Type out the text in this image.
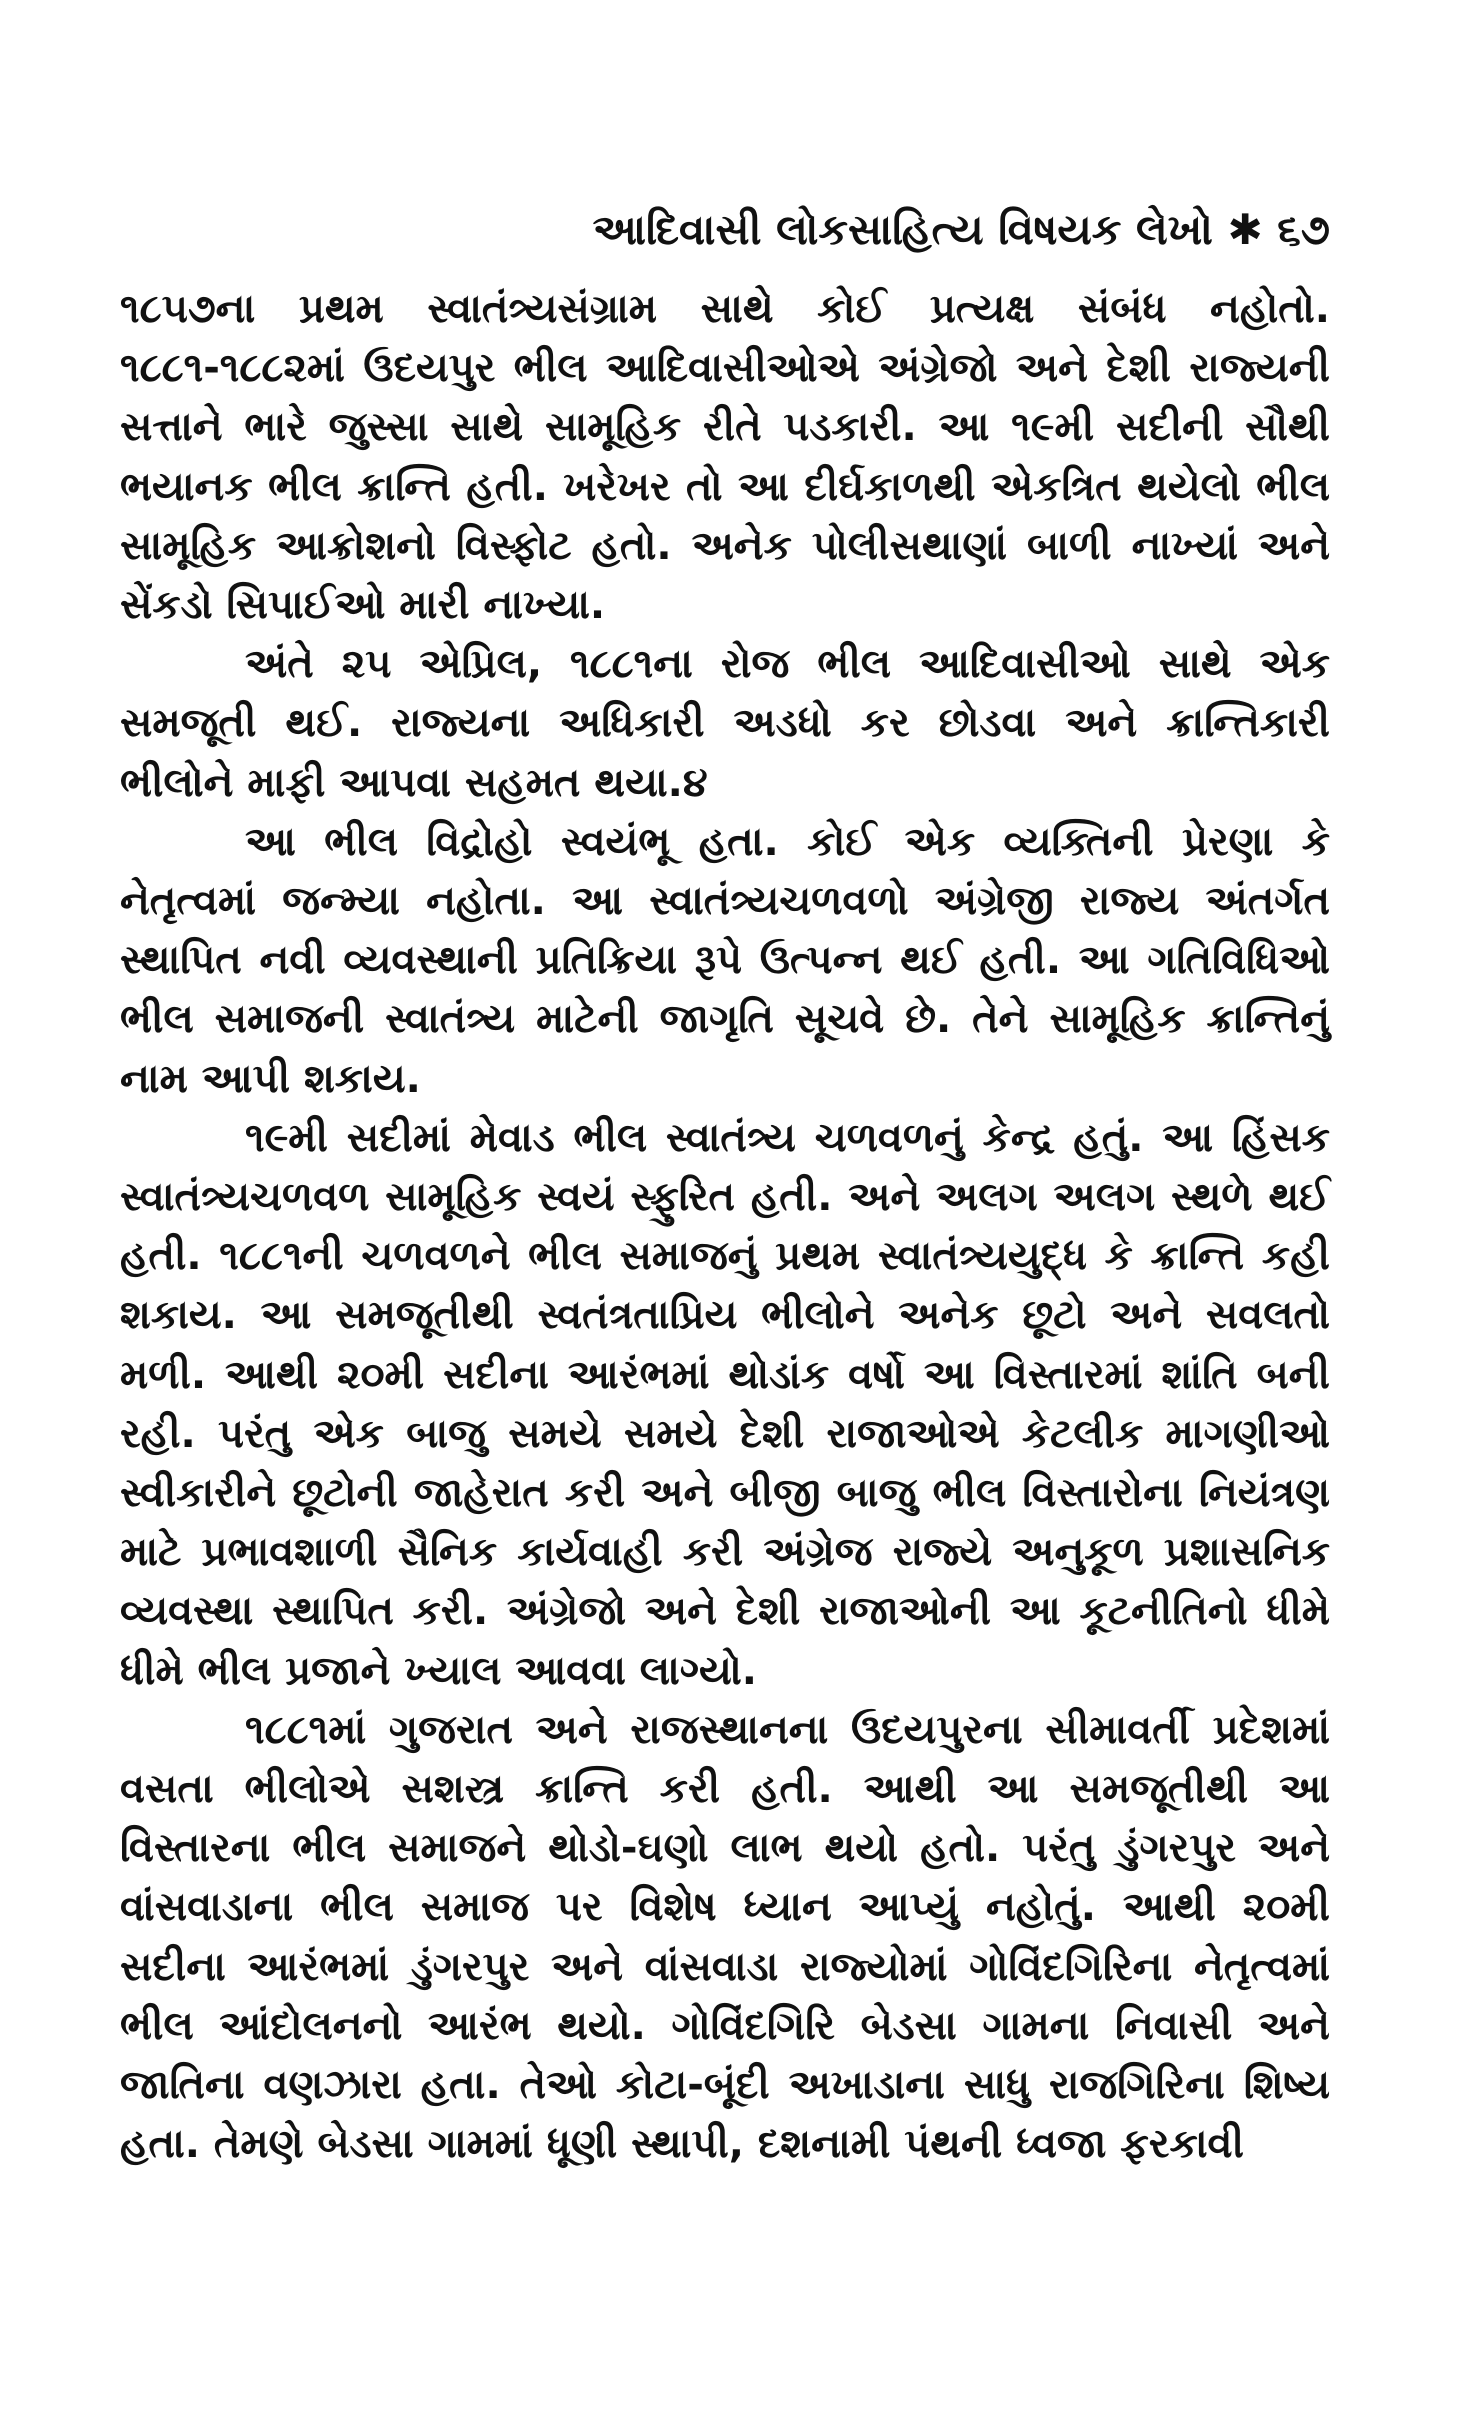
આદિવાસી લોકસાહિત્ય વિષયક લેખો ✱ ૬૭

૧૮૫૭ના પ્રથમ સ્વાતંત્ર્યસંગ્રામ સાથે કોઈ પ્રત્યક્ષ સંબંધ નહોતો. ૧૮૮૧-૧૮૮૨માં ઉદયપુર ભીલ આદિવાસીઓએ અંગ્રેજો અને દેશી રાજ્યની સત્તાને ભારે જુસ્સા સાથે સામૂહિક રીતે પડકારી. આ ૧૯મી સદીની સૌથી ભયાનક ભીલ ક્રાન્તિ હતી. ખરેખર તો આ દીર્ઘકાળથી એકત્રિત થયેલો ભીલ સામૂહિક આક્રોશનો વિસ્ફોટ હતો. અનેક પોલીસથાણાં બાળી નાખ્યાં અને સેંકડો સિપાઈઓ મારી નાખ્યા.

અંતે ૨૫ એપ્રિલ, ૧૮૮૧ના રોજ ભીલ આદિવાસીઓ સાથે એક સમજૂતી થઈ. રાજ્યના અધિકારી અડધો કર છોડવા અને ક્રાન્તિકારી ભીલોને માફી આપવા સહમત થયા.૪

આ ભીલ વિદ્રોહો સ્વયંભૂ હતા. કોઈ એક વ્યક્તિની પ્રેરણા કે નેતૃત્વમાં જન્મ્યા નહોતા. આ સ્વાતંત્ર્યચળવળો અંગ્રેજી રાજ્ય અંતર્ગત સ્થાપિત નવી વ્યવસ્થાની પ્રતિક્રિયા રૂપે ઉત્પન્ન થઈ હતી. આ ગતિવિધિઓ ભીલ સમાજની સ્વાતંત્ર્ય માટેની જાગૃતિ સૂચવે છે. તેને સામૂહિક ક્રાન્તિનું નામ આપી શકાય.

૧૯મી સદીમાં મેવાડ ભીલ સ્વાતંત્ર્ય ચળવળનું કેન્દ્ર હતું. આ હિંસક સ્વાતંત્ર્યચળવળ સામૂહિક સ્વયં સ્ફુરિત હતી. અને અલગ અલગ સ્થળે થઈ હતી. ૧૮૮૧ની ચળવળને ભીલ સમાજનું પ્રથમ સ્વાતંત્ર્યયુદ્ધ કે ક્રાન્તિ કહી શકાય. આ સમજૂતીથી સ્વતંત્રતાપ્રિય ભીલોને અનેક છૂટો અને સવલતો મળી. આથી ૨૦મી સદીના આરંભમાં થોડાંક વર્ષો આ વિસ્તારમાં શાંતિ બની રહી. પરંતુ એક બાજુ સમયે સમયે દેશી રાજાઓએ કેટલીક માગણીઓ સ્વીકારીને છૂટોની જાહેરાત કરી અને બીજી બાજુ ભીલ વિસ્તારોના નિયંત્રણ માટે પ્રભાવશાળી સૈનિક કાર્યવાહી કરી અંગ્રેજ રાજ્યે અનુકૂળ પ્રશાસનિક વ્યવસ્થા સ્થાપિત કરી. અંગ્રેજો અને દેશી રાજાઓની આ કૂટનીતિનો ધીમે ધીમે ભીલ પ્રજાને ખ્યાલ આવવા લાગ્યો.

૧૮૮૧માં ગુજરાત અને રાજસ્થાનના ઉદયપુરના સીમાવર્તી પ્રદેશમાં વસતા ભીલોએ સશસ્ત્ર ક્રાન્તિ કરી હતી. આથી આ સમજૂતીથી આ વિસ્તારના ભીલ સમાજને થોડો-ઘણો લાભ થયો હતો. પરંતુ ડુંગરપુર અને વાંસવાડાના ભીલ સમાજ પર વિશેષ ધ્યાન આપ્યું નહોતું. આથી ૨૦મી સદીના આરંભમાં ડુંગરપુર અને વાંસવાડા રાજ્યોમાં ગોવિંદગિરિના નેતૃત્વમાં ભીલ આંદોલનનો આરંભ થયો. ગોવિંદગિરિ બેડસા ગામના નિવાસી અને જાતિના વણઝારા હતા. તેઓ કોટા-બૂંદી અખાડાના સાધુ રાજગિરિના શિષ્ય હતા. તેમણે બેડસા ગામમાં ધૂણી સ્થાપી, દશનામી પંથની ધ્વજા ફરકાવી
